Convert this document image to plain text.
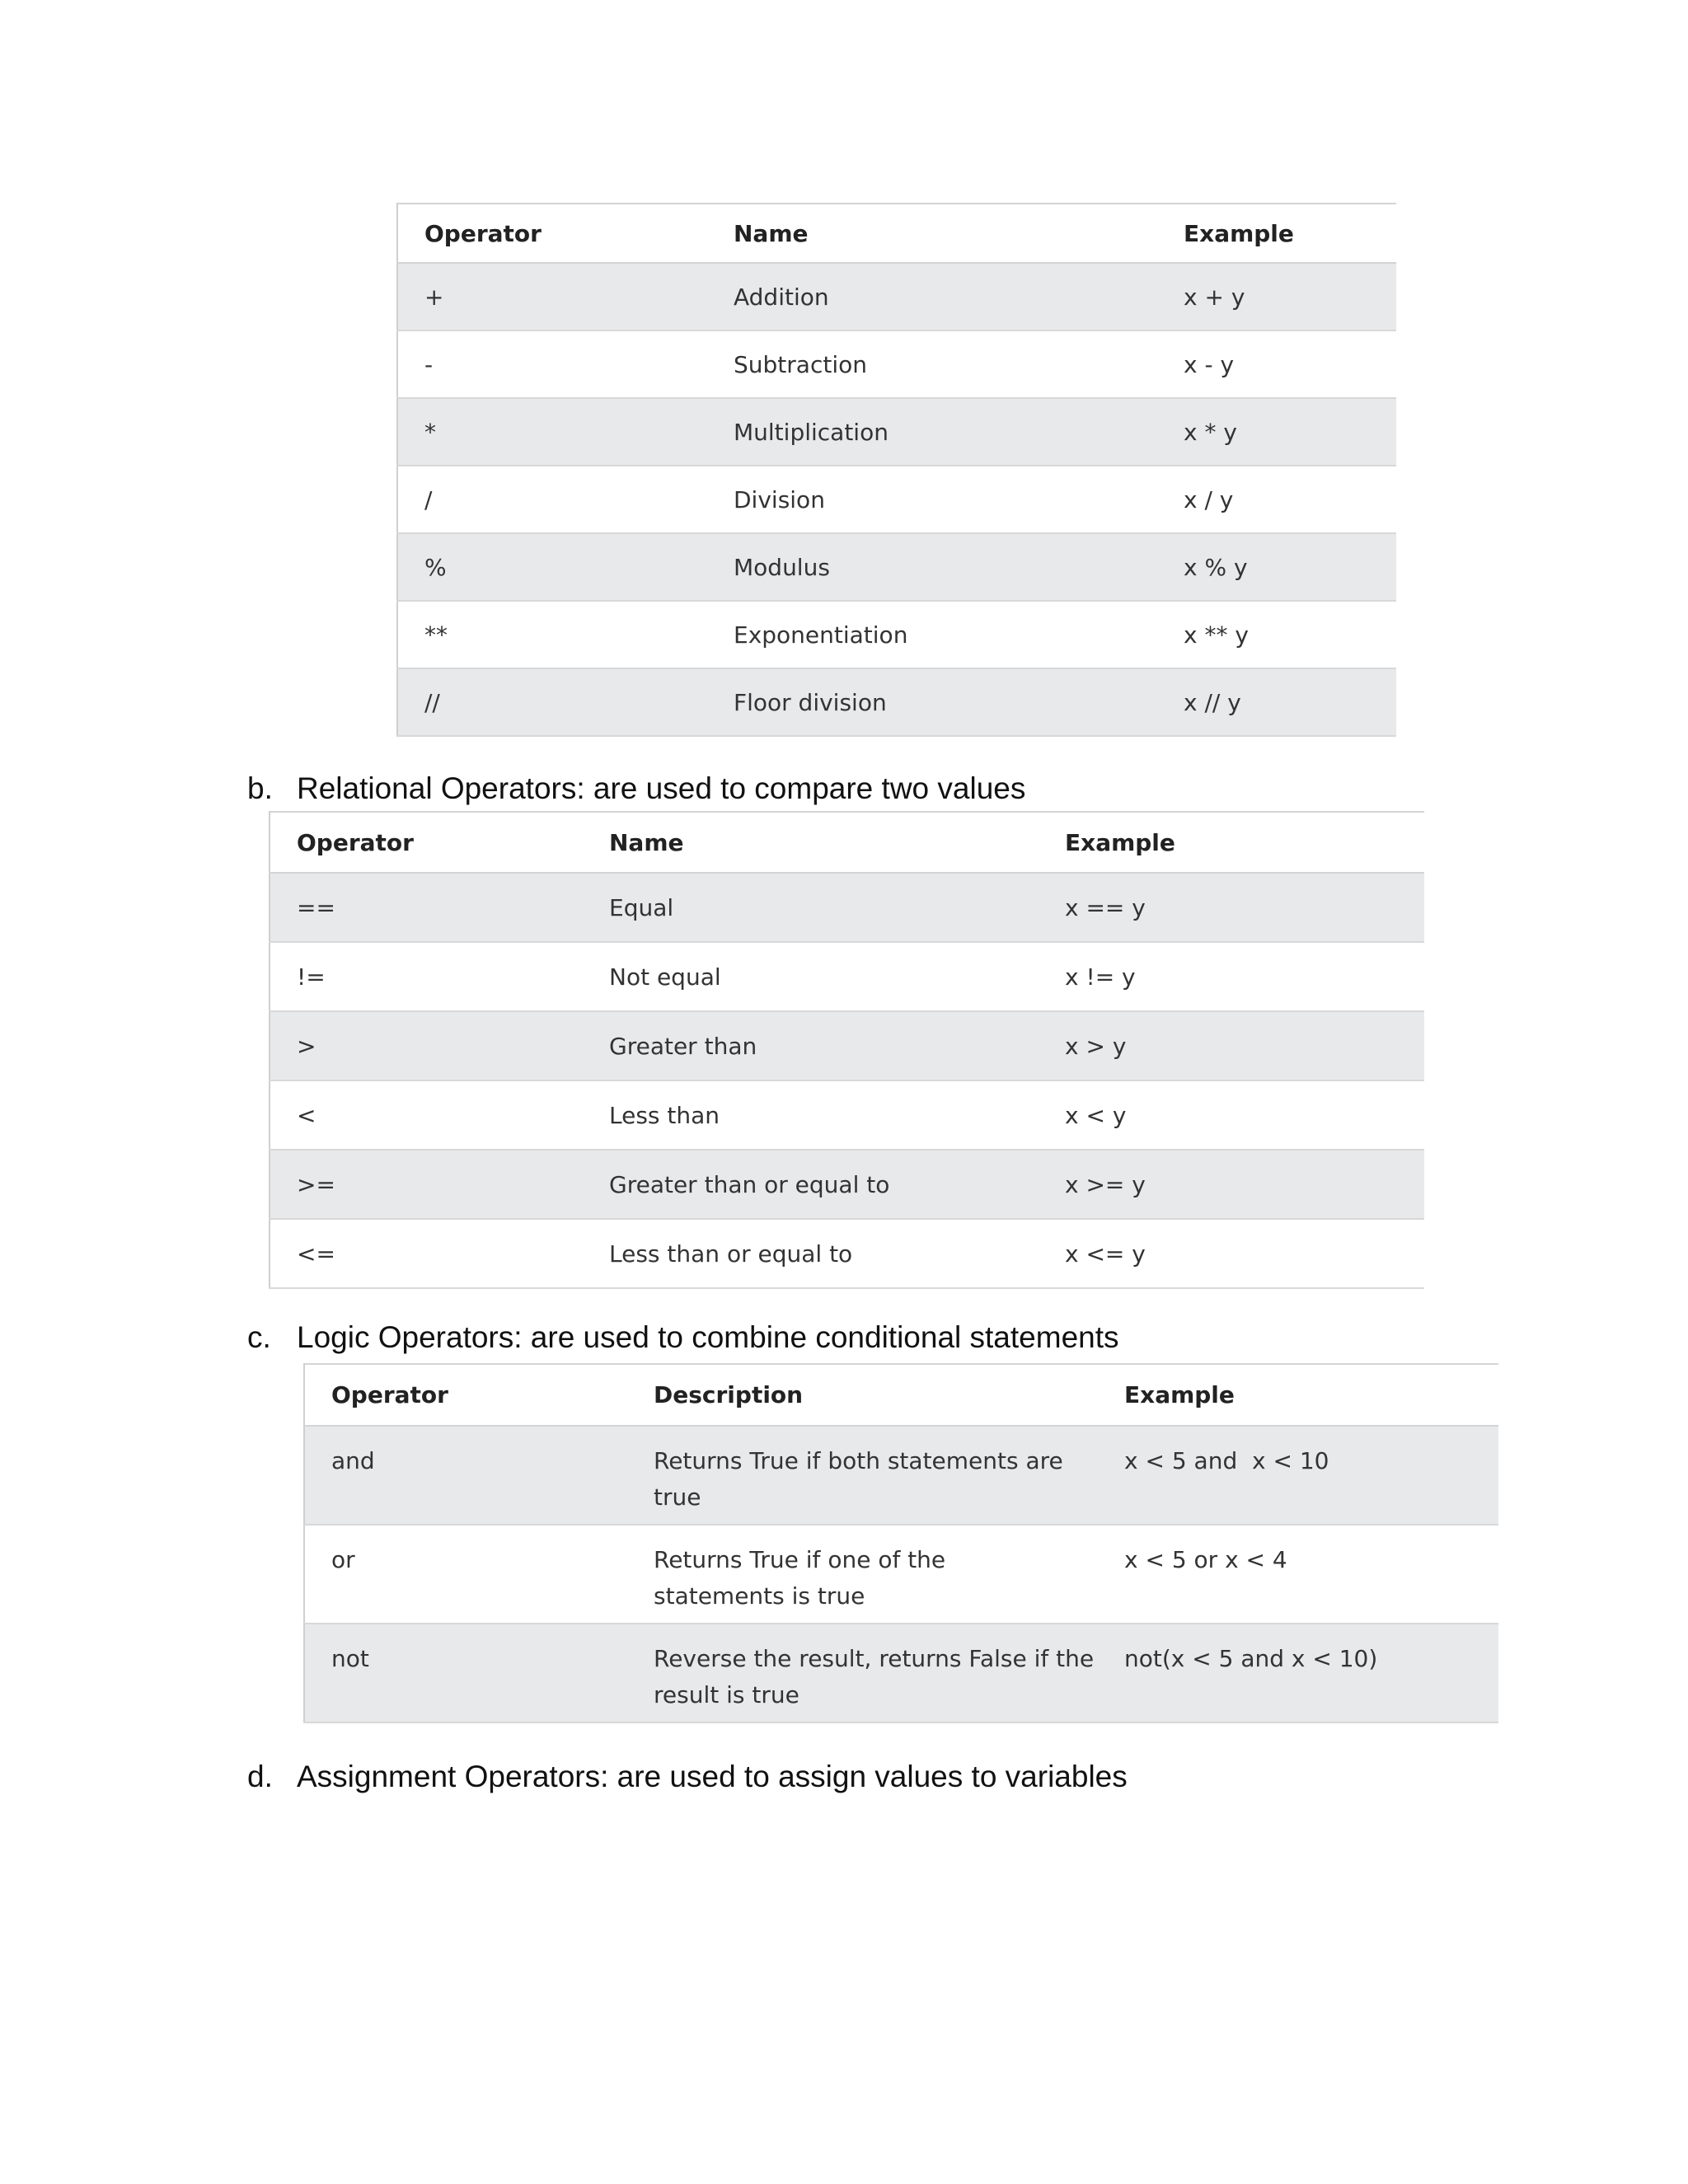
Operator	Name	Example
+	Addition	x + y
-	Subtraction	x - y
*	Multiplication	x * y
/	Division	x / y
%	Modulus	x % y
**	Exponentiation	x ** y
//	Floor division	x // y
b. Relational Operators: are used to compare two values
Operator	Name	Example
==	Equal	x == y
!=	Not equal	x != y
>	Greater than	x > y
<	Less than	x < y
>=	Greater than or equal to	x >= y
<=	Less than or equal to	x <= y
c. Logic Operators: are used to combine conditional statements
Operator	Description	Example
and	Returns True if both statements are true	x < 5 and  x < 10
or	Returns True if one of the statements is true	x < 5 or x < 4
not	Reverse the result, returns False if the result is true	not(x < 5 and x < 10)
d. Assignment Operators: are used to assign values to variables
